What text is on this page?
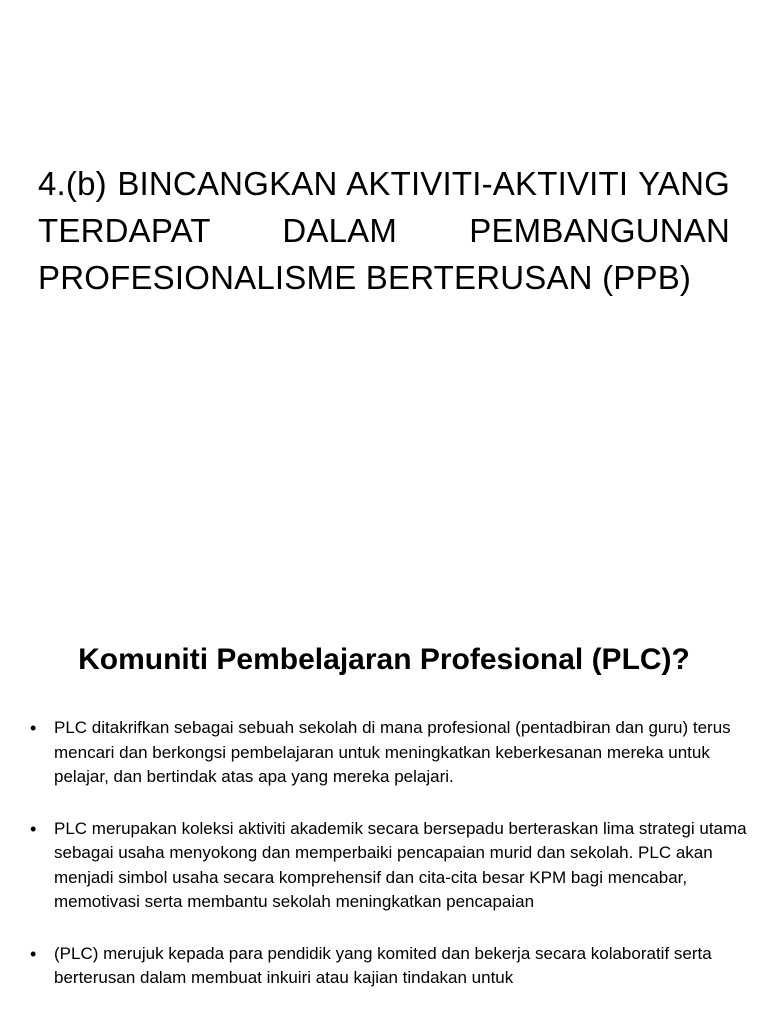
4.(b) BINCANGKAN AKTIVITI-AKTIVITI YANG TERDAPAT DALAM PEMBANGUNAN PROFESIONALISME BERTERUSAN (PPB)
Komuniti Pembelajaran Profesional (PLC)?
•	PLC ditakrifkan sebagai sebuah sekolah di mana profesional (pentadbiran dan guru) terus mencari dan berkongsi pembelajaran untuk meningkatkan keberkesanan mereka untuk pelajar, dan bertindak atas apa yang mereka pelajari.
•	PLC merupakan koleksi aktiviti akademik secara bersepadu berteraskan lima strategi utama sebagai usaha menyokong dan memperbaiki pencapaian murid dan sekolah. PLC akan menjadi simbol usaha secara komprehensif dan cita-cita besar KPM bagi mencabar, memotivasi serta membantu sekolah meningkatkan pencapaian
•	(PLC) merujuk kepada para pendidik yang komited dan bekerja secara kolaboratif serta berterusan dalam membuat inkuiri atau kajian tindakan untuk
